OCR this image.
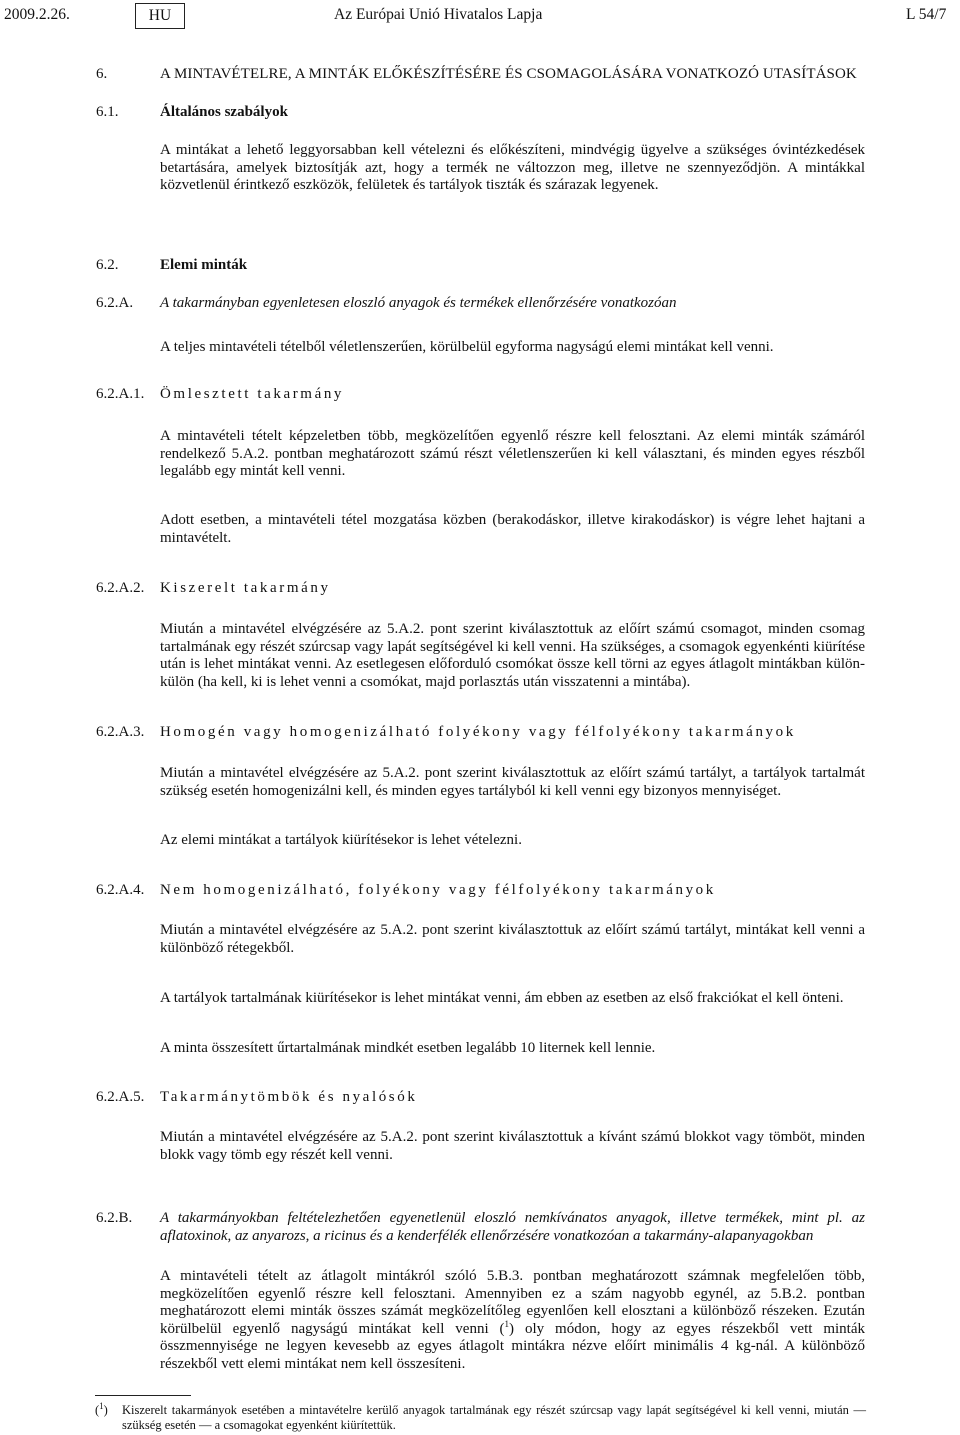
2009.2.26.	HU	Az Európai Unió Hivatalos Lapja	L 54/7
6.	A MINTAVÉTELRE, A MINTÁK ELŐKÉSZÍTÉSÉRE ÉS CSOMAGOLÁSÁRA VONATKOZÓ UTASÍTÁSOK
6.1.	Általános szabályok

A mintákat a lehető leggyorsabban kell vételezni és előkészíteni, mindvégig ügyelve a szükséges óvintézkedések betartására, amelyek biztosítják azt, hogy a termék ne változzon meg, illetve ne szennyeződjön. A mintákkal közvetlenül érintkező eszközök, felületek és tartályok tiszták és szárazak legyenek.

6.2.	Elemi minták
6.2.A. A takarmányban egyenletesen eloszló anyagok és termékek ellenőrzésére vonatkozóan

A teljes mintavételi tételből véletlenszerűen, körülbelül egyforma nagyságú elemi mintákat kell venni.

6.2.A.1. Ömlesztett takarmány

A mintavételi tételt képzeletben több, megközelítően egyenlő részre kell felosztani. Az elemi minták számáról rendelkező 5.A.2. pontban meghatározott számú részt véletlenszerűen ki kell választani, és minden egyes részből legalább egy mintát kell venni.

Adott esetben, a mintavételi tétel mozgatása közben (berakodáskor, illetve kirakodáskor) is végre lehet hajtani a mintavételt.

6.2.A.2. Kiszerelt takarmány

Miután a mintavétel elvégzésére az 5.A.2. pont szerint kiválasztottuk az előírt számú csomagot, minden csomag tartalmának egy részét szúrcsap vagy lapát segítségével ki kell venni. Ha szükséges, a csomagok egyenkénti kiürítése után is lehet mintákat venni. Az esetlegesen előforduló csomókat össze kell törni az egyes átlagolt mintákban külön-külön (ha kell, ki is lehet venni a csomókat, majd porlasztás után visszatenni a mintába).

6.2.A.3. Homogén vagy homogenizálható folyékony vagy félfolyékony takarmányok

Miután a mintavétel elvégzésére az 5.A.2. pont szerint kiválasztottuk az előírt számú tartályt, a tartályok tartalmát szükség esetén homogenizálni kell, és minden egyes tartályból ki kell venni egy bizonyos mennyiséget.

Az elemi mintákat a tartályok kiürítésekor is lehet vételezni.

6.2.A.4. Nem homogenizálható, folyékony vagy félfolyékony takarmányok

Miután a mintavétel elvégzésére az 5.A.2. pont szerint kiválasztottuk az előírt számú tartályt, mintákat kell venni a különböző rétegekből.

A tartályok tartalmának kiürítésekor is lehet mintákat venni, ám ebben az esetben az első frakciókat el kell önteni.

A minta összesített űrtartalmának mindkét esetben legalább 10 liternek kell lennie.

6.2.A.5. Takarmánytömbök és nyalósók

Miután a mintavétel elvégzésére az 5.A.2. pont szerint kiválasztottuk a kívánt számú blokkot vagy tömböt, minden blokk vagy tömb egy részét kell venni.

6.2.B. A takarmányokban feltételezhetően egyenetlenül eloszló nemkívánatos anyagok, illetve termékek, mint pl. az aflatoxinok, az anyarozs, a ricinus és a kenderfélék ellenőrzésére vonatkozóan a takarmány-alapanyagokban

A mintavételi tételt az átlagolt mintákról szóló 5.B.3. pontban meghatározott számnak megfelelően több, megközelítően egyenlő részre kell felosztani. Amennyiben ez a szám nagyobb egynél, az 5.B.2. pontban meghatározott elemi minták összes számát megközelítőleg egyenlően kell elosztani a különböző részeken. Ezután körülbelül egyenlő nagyságú mintákat kell venni ($^1$) oly módon, hogy az egyes részekből vett minták összmennyisége ne legyen kevesebb az egyes átlagolt mintákra nézve előírt minimális 4 kg-nál. A különböző részekből vett elemi mintákat nem kell összesíteni.

($^1$) Kiszerelt takarmányok esetében a mintavételre kerülő anyagok tartalmának egy részét szúrcsap vagy lapát segítségével ki kell venni, miután — szükség esetén — a csomagokat egyenként kiürítettük.
